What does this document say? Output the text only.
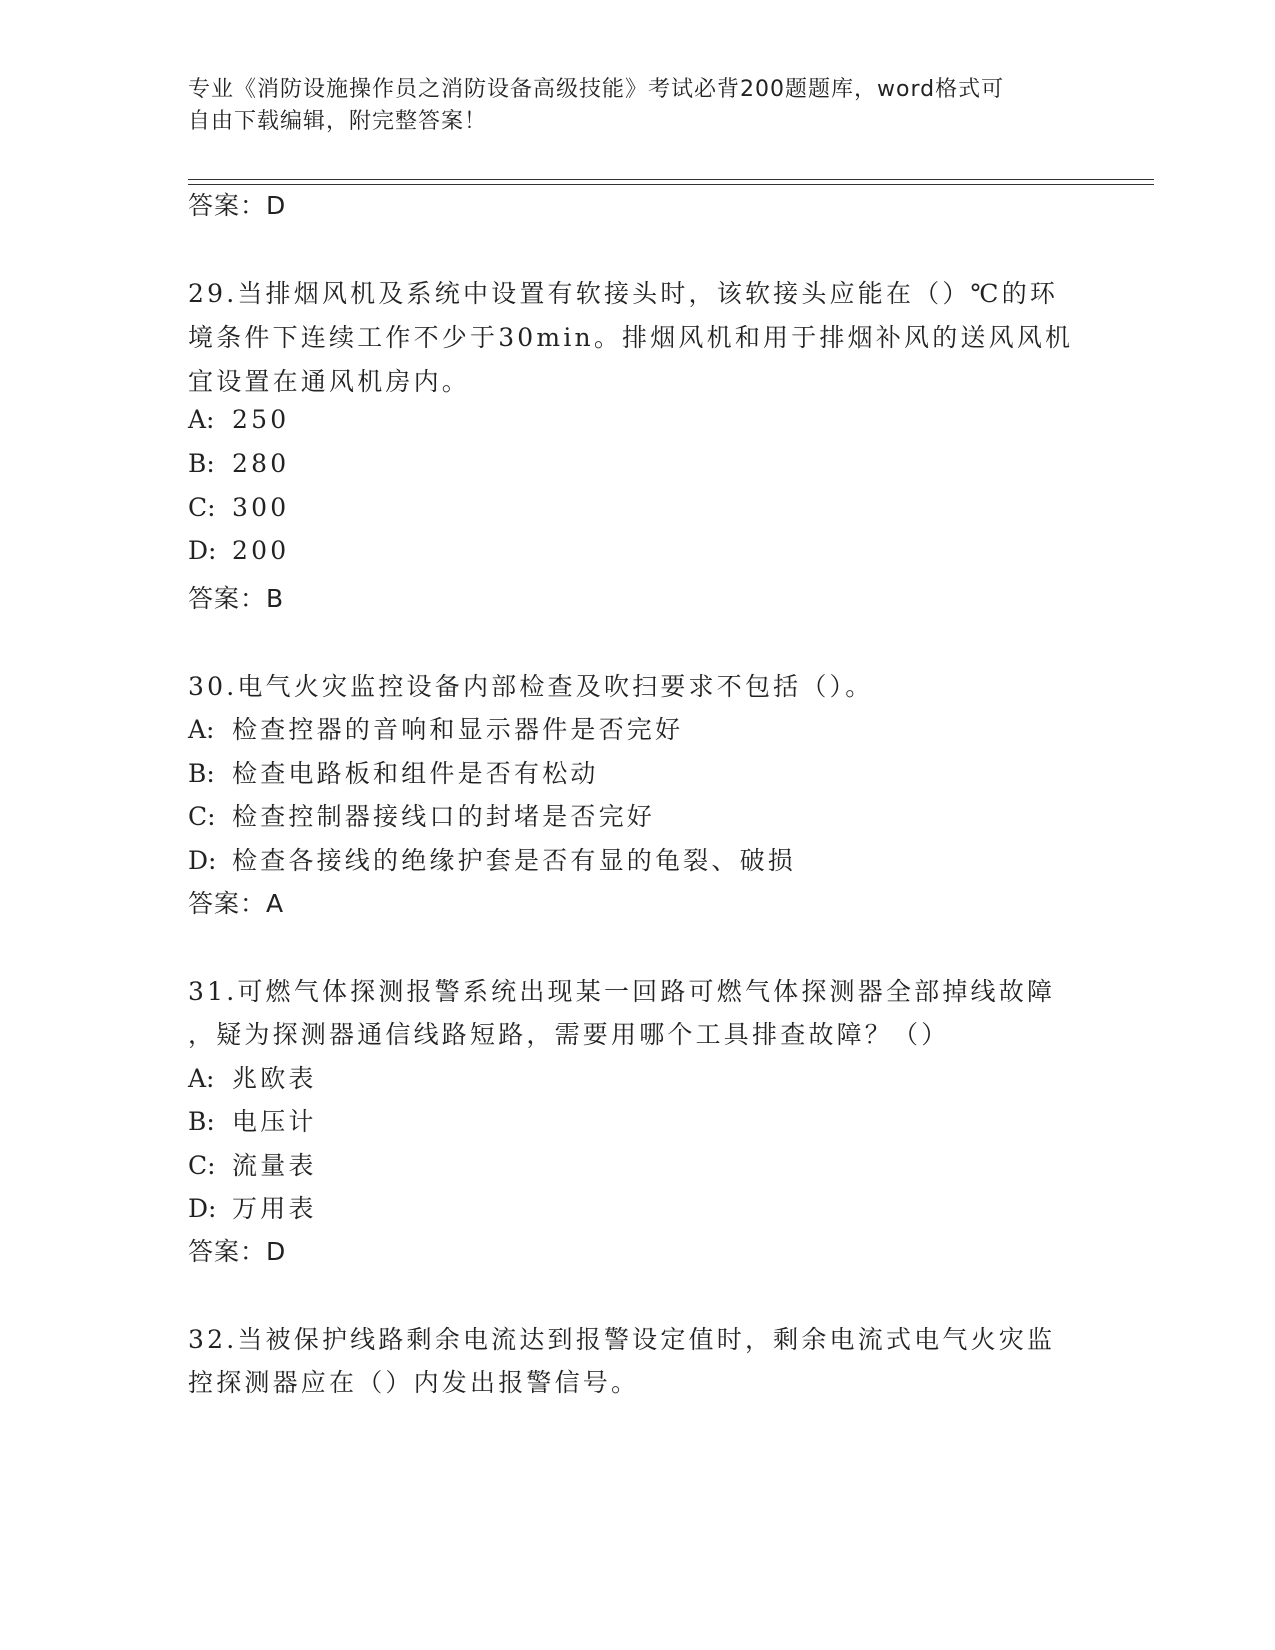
专业《消防设施操作员之消防设备高级技能》考试必背200题题库，word格式可
自由下载编辑，附完整答案！
答案：D
29.当排烟风机及系统中设置有软接头时，该软接头应能在（）℃的环
境条件下连续工作不少于30min。排烟风机和用于排烟补风的送风风机
宜设置在通风机房内。
A: 250
B: 280
C: 300
D: 200
答案：B
30.电气火灾监控设备内部检查及吹扫要求不包括（）。
A: 检查控器的音响和显示器件是否完好
B: 检查电路板和组件是否有松动
C: 检查控制器接线口的封堵是否完好
D: 检查各接线的绝缘护套是否有显的龟裂、破损
答案：A
31.可燃气体探测报警系统出现某一回路可燃气体探测器全部掉线故障
，疑为探测器通信线路短路，需要用哪个工具排查故障？（）
A: 兆欧表
B: 电压计
C: 流量表
D: 万用表
答案：D
32.当被保护线路剩余电流达到报警设定值时，剩余电流式电气火灾监
控探测器应在（）内发出报警信号。
